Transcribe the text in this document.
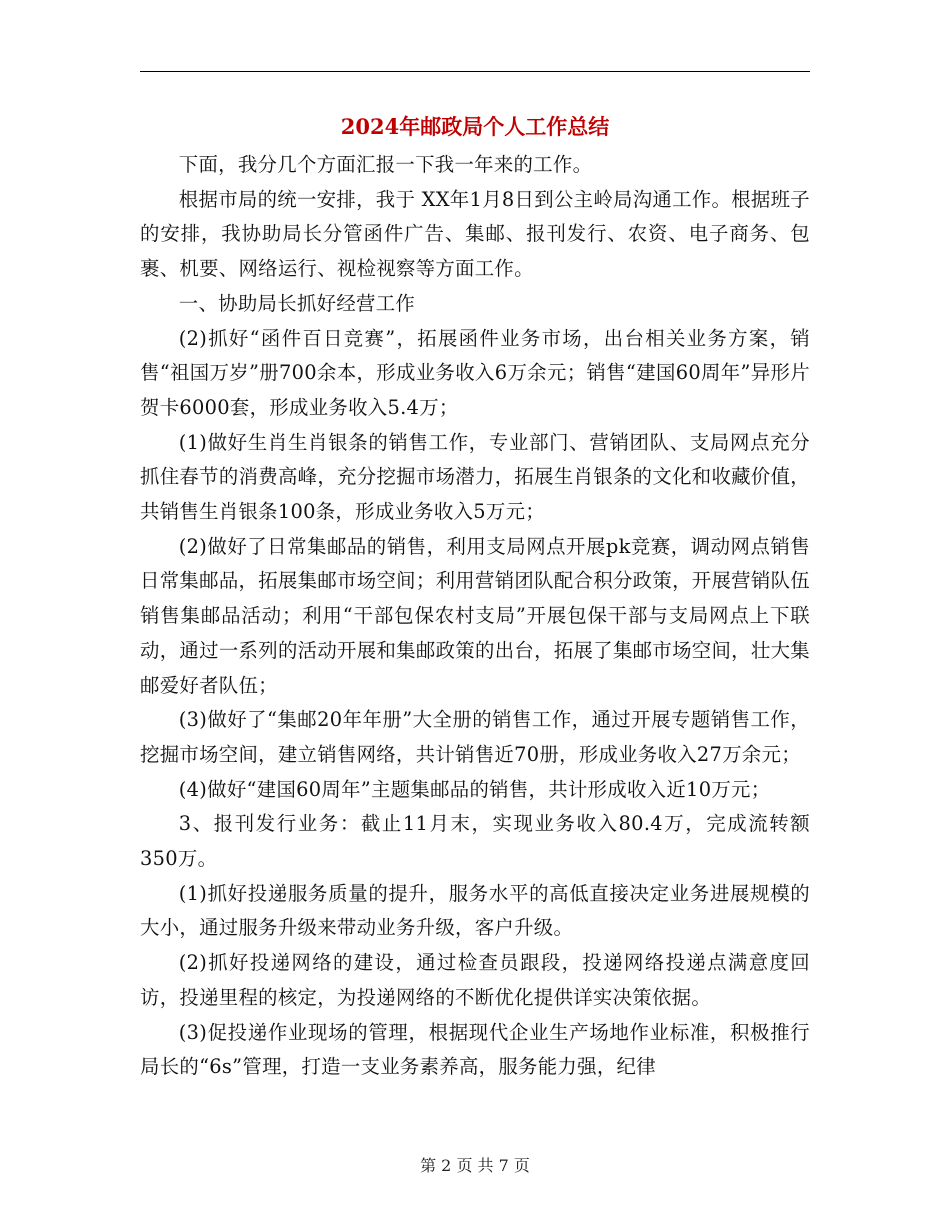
2024年邮政局个人工作总结

下面，我分几个方面汇报一下我一年来的工作。

根据市局的统一安排，我于 XX年1月8日到公主岭局沟通工作。根据班子的安排，我协助局长分管函件广告、集邮、报刊发行、农资、电子商务、包裹、机要、网络运行、视检视察等方面工作。

一、协助局长抓好经营工作

(2)抓好“函件百日竞赛”，拓展函件业务市场，出台相关业务方案，销售“祖国万岁”册700余本，形成业务收入6万余元；销售“建国60周年”异形片贺卡6000套，形成业务收入5.4万；

(1)做好生肖生肖银条的销售工作，专业部门、营销团队、支局网点充分抓住春节的消费高峰，充分挖掘市场潜力，拓展生肖银条的文化和收藏价值，共销售生肖银条100条，形成业务收入5万元；

(2)做好了日常集邮品的销售，利用支局网点开展pk竞赛，调动网点销售日常集邮品，拓展集邮市场空间；利用营销团队配合积分政策，开展营销队伍销售集邮品活动；利用“干部包保农村支局”开展包保干部与支局网点上下联动，通过一系列的活动开展和集邮政策的出台，拓展了集邮市场空间，壮大集邮爱好者队伍；

(3)做好了“集邮20年年册”大全册的销售工作，通过开展专题销售工作，挖掘市场空间，建立销售网络，共计销售近70册，形成业务收入27万余元；

(4)做好“建国60周年”主题集邮品的销售，共计形成收入近10万元；

3、报刊发行业务：截止11月末，实现业务收入80.4万，完成流转额350万。

(1)抓好投递服务质量的提升，服务水平的高低直接决定业务进展规模的大小，通过服务升级来带动业务升级，客户升级。

(2)抓好投递网络的建设，通过检查员跟段，投递网络投递点满意度回访，投递里程的核定，为投递网络的不断优化提供详实决策依据。

(3)促投递作业现场的管理，根据现代企业生产场地作业标准，积极推行局长的“6s”管理，打造一支业务素养高，服务能力强，纪律

第 2 页 共 7 页
